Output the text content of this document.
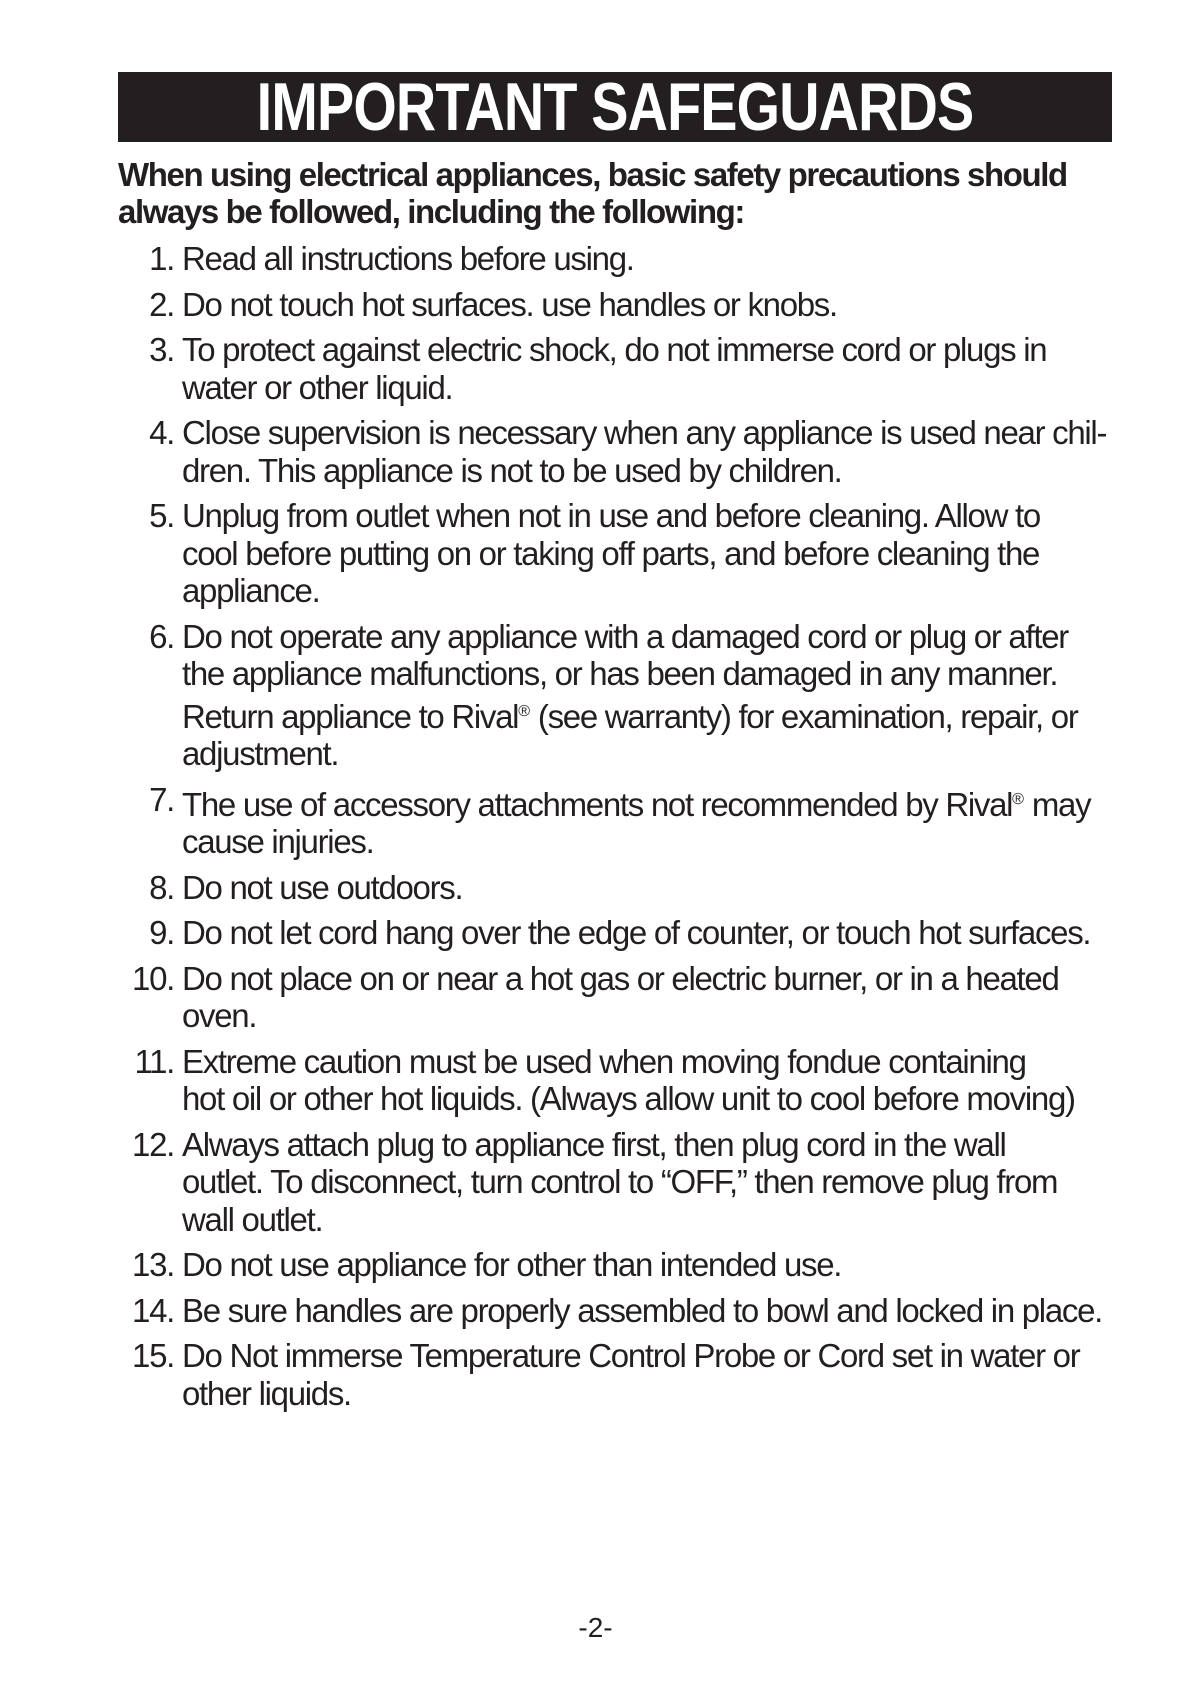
IMPORTANT SAFEGUARDS
When using electrical appliances, basic safety precautions should always be followed, including the following:
1. Read all instructions before using.
2. Do not touch hot surfaces. use handles or knobs.
3. To protect against electric shock, do not immerse cord or plugs in
water or other liquid.
4. Close supervision is necessary when any appliance is used near chil-
dren. This appliance is not to be used by children.
5. Unplug from outlet when not in use and before cleaning. Allow to
cool before putting on or taking off parts, and before cleaning the
appliance.
6. Do not operate any appliance with a damaged cord or plug or after
the appliance malfunctions, or has been damaged in any manner.
Return appliance to Rival® (see warranty) for examination, repair, or
adjustment.
7. The use of accessory attachments not recommended by Rival® may
cause injuries.
8. Do not use outdoors.
9. Do not let cord hang over the edge of counter, or touch hot surfaces.
10. Do not place on or near a hot gas or electric burner, or in a heated
oven.
11. Extreme caution must be used when moving fondue containing
hot oil or other hot liquids. (Always allow unit to cool before moving)
12. Always attach plug to appliance first, then plug cord in the wall
outlet. To disconnect, turn control to “OFF,” then remove plug from
wall outlet.
13. Do not use appliance for other than intended use.
14. Be sure handles are properly assembled to bowl and locked in place.
15. Do Not immerse Temperature Control Probe or Cord set in water or
other liquids.
-2-
